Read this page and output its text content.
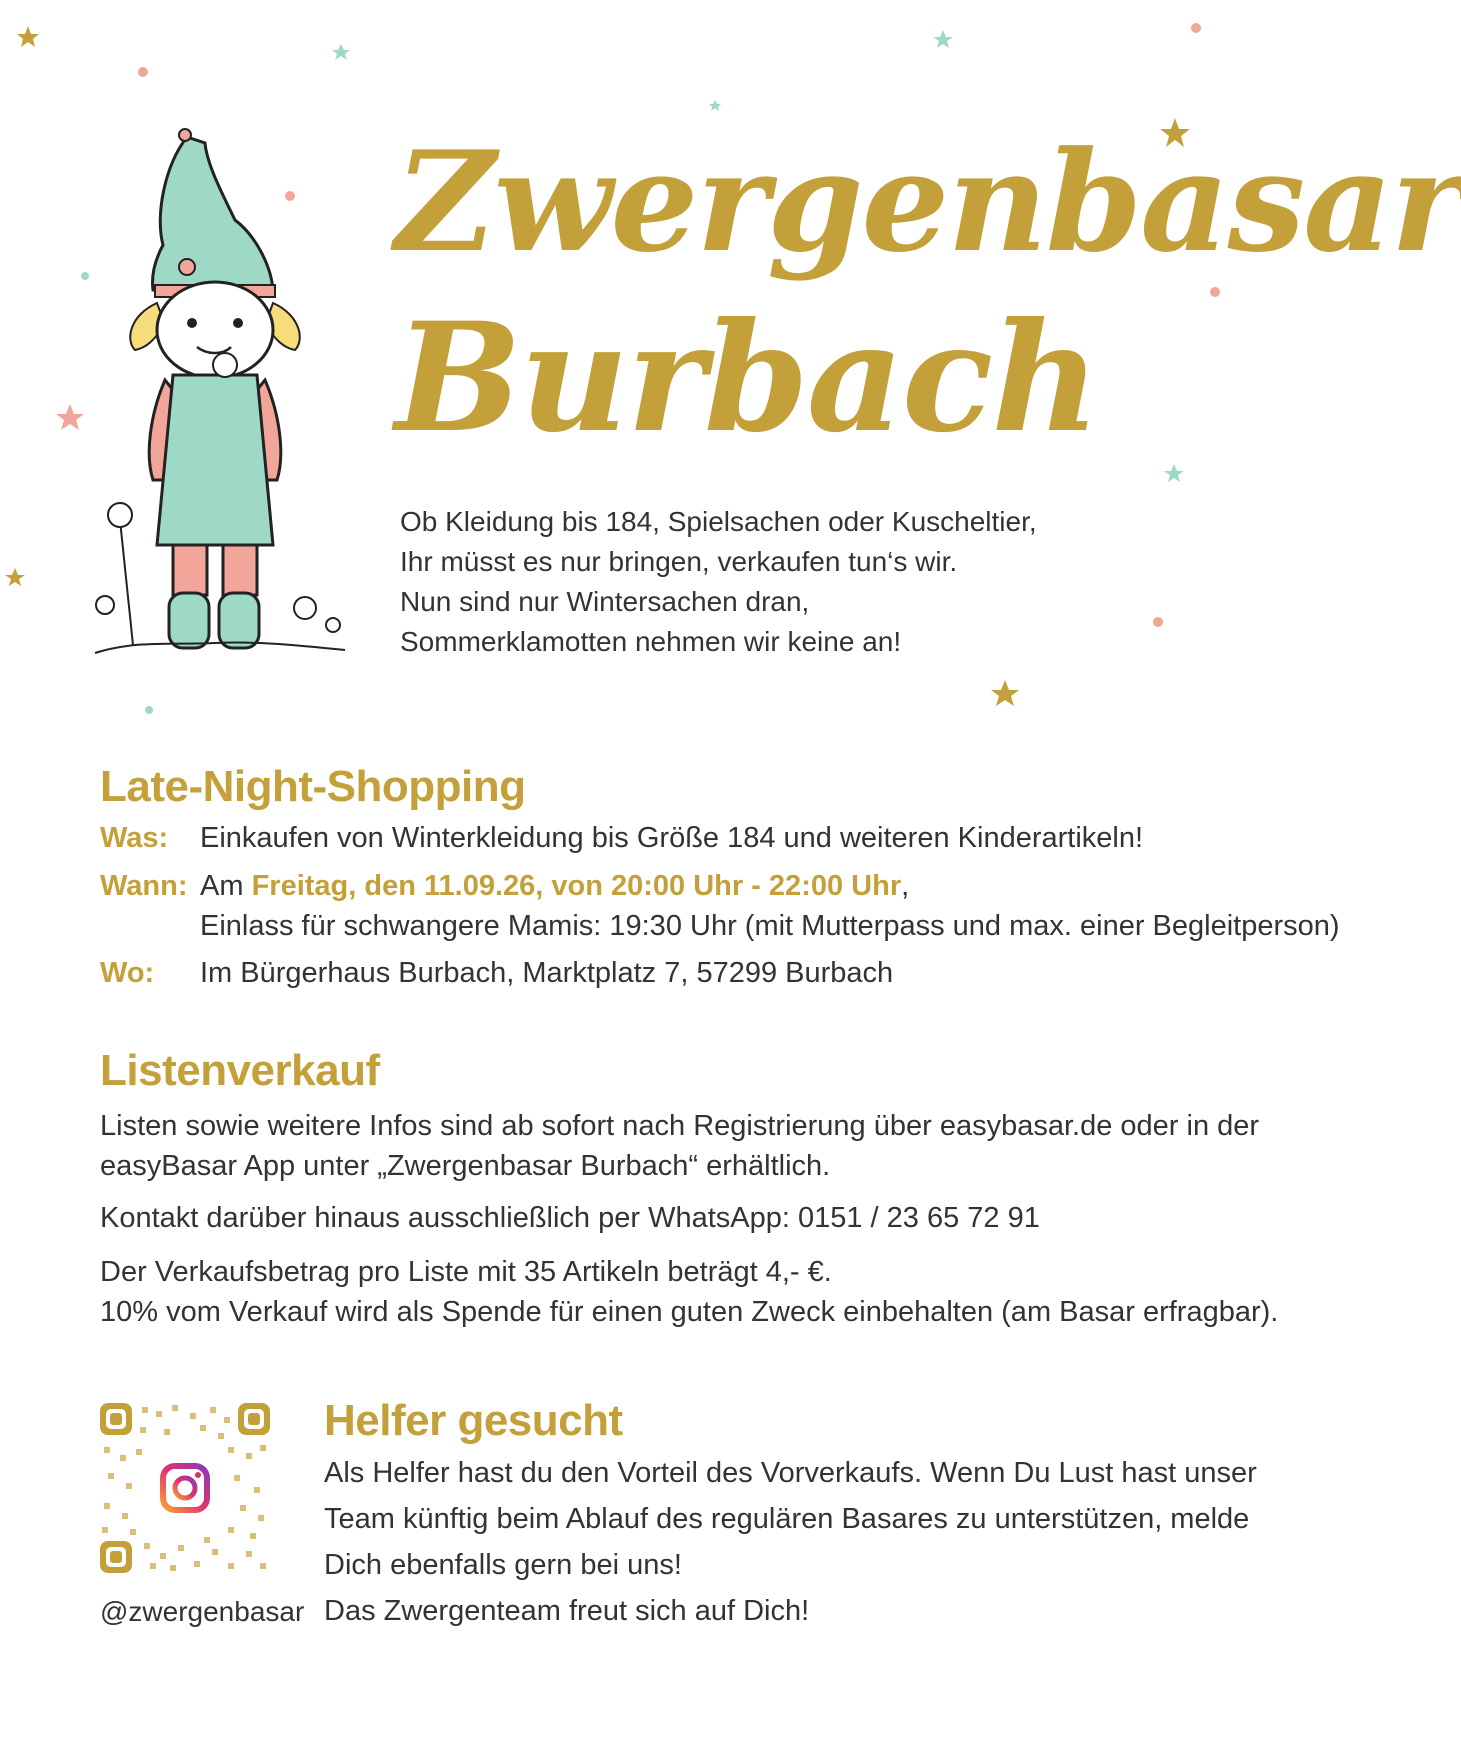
Zwergenbasar
Burbach
Ob Kleidung bis 184, Spielsachen oder Kuscheltier,
Ihr müsst es nur bringen, verkaufen tun‘s wir.
Nun sind nur Wintersachen dran,
Sommerklamotten nehmen wir keine an!
Late-Night-Shopping
Was: Einkaufen von Winterkleidung bis Größe 184 und weiteren Kinderartikeln!
Wann: Am Freitag, den 11.09.26, von 20:00 Uhr - 22:00 Uhr,
Einlass für schwangere Mamis: 19:30 Uhr (mit Mutterpass und max. einer Begleitperson)
Wo: Im Bürgerhaus Burbach, Marktplatz 7, 57299 Burbach
Listenverkauf
Listen sowie weitere Infos sind ab sofort nach Registrierung über easybasar.de oder in der
easyBasar App unter „Zwergenbasar Burbach“ erhältlich.
Kontakt darüber hinaus ausschließlich per WhatsApp: 0151 / 23 65 72 91
Der Verkaufsbetrag pro Liste mit 35 Artikeln beträgt 4,- €.
10% vom Verkauf wird als Spende für einen guten Zweck einbehalten (am Basar erfragbar).
@zwergenbasar
Helfer gesucht
Als Helfer hast du den Vorteil des Vorverkaufs. Wenn Du Lust hast unser
Team künftig beim Ablauf des regulären Basares zu unterstützen, melde
Dich ebenfalls gern bei uns!
Das Zwergenteam freut sich auf Dich!
